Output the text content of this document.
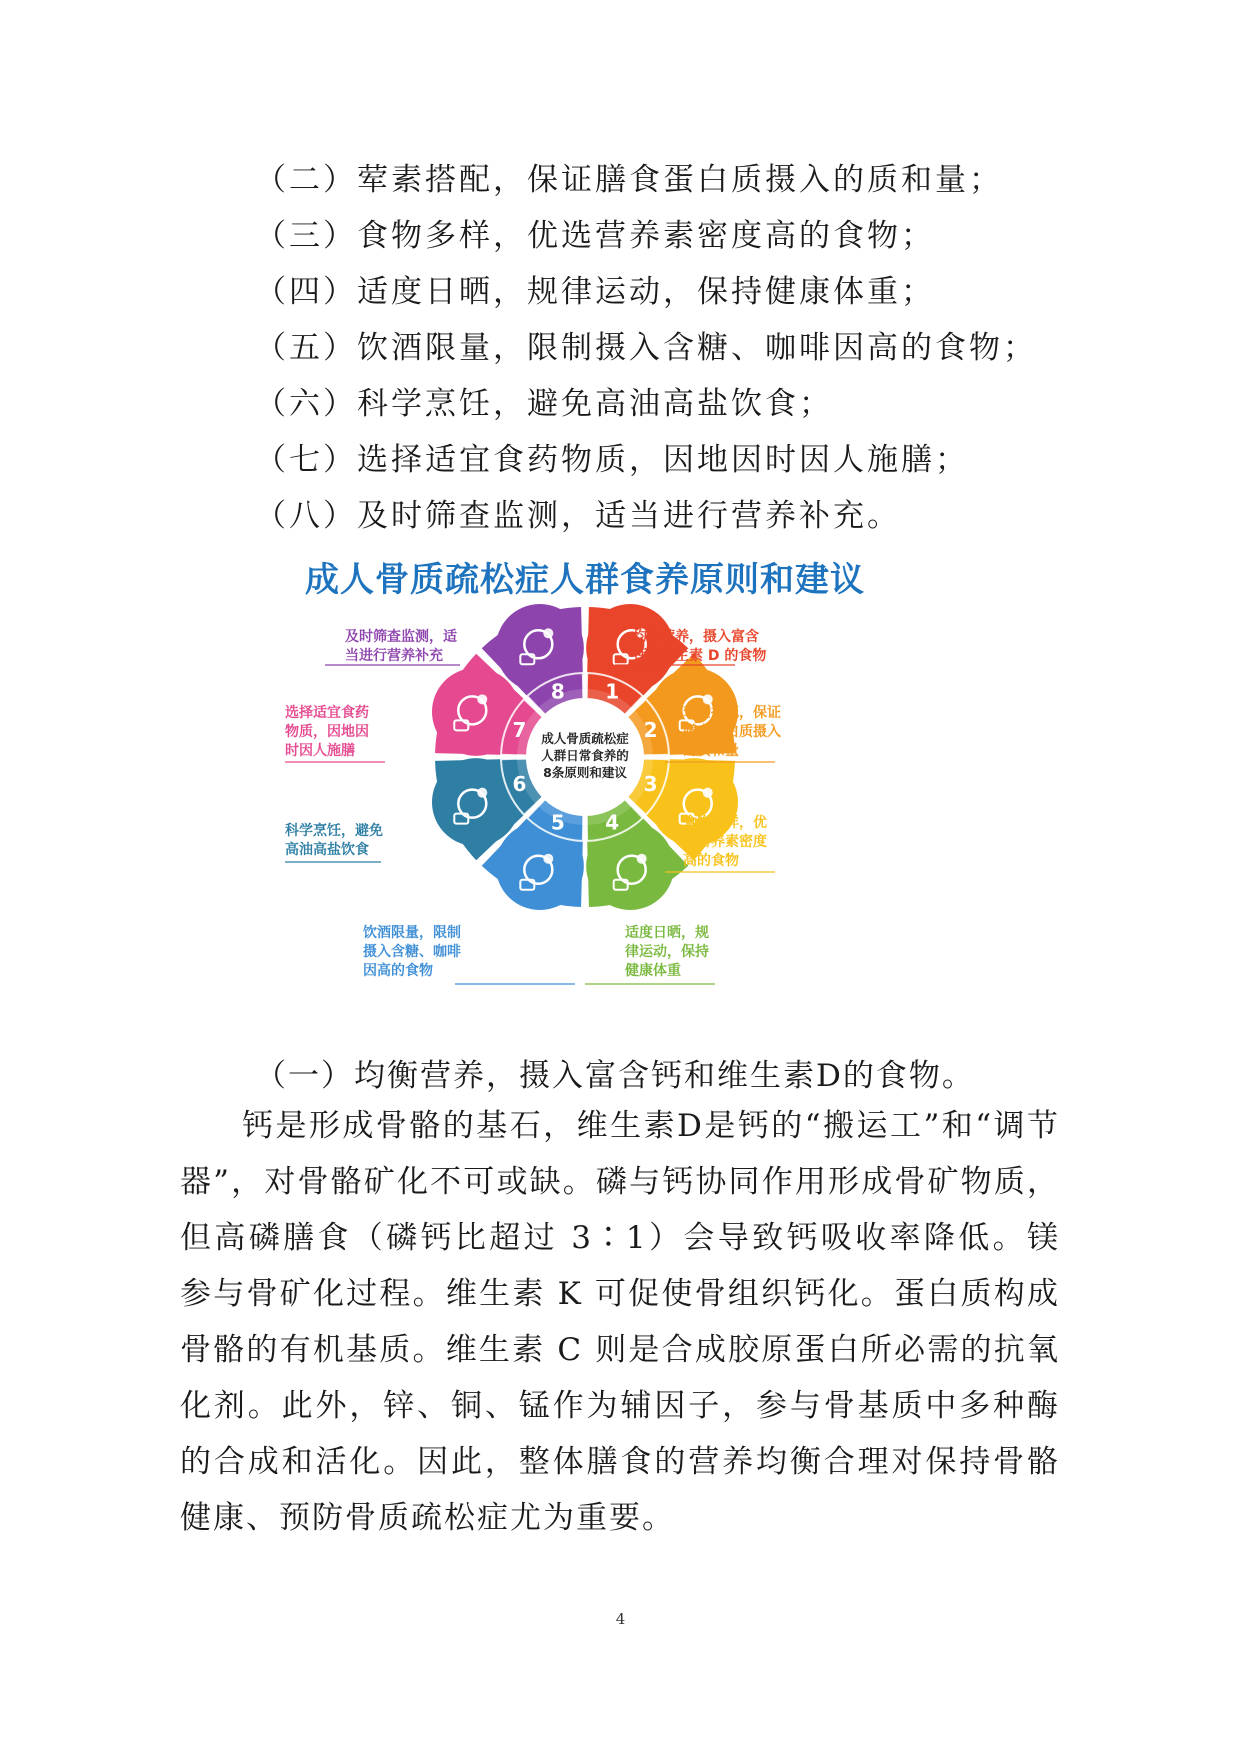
（二）荤素搭配，保证膳食蛋白质摄入的质和量；
（三）食物多样，优选营养素密度高的食物；
（四）适度日晒，规律运动，保持健康体重；
（五）饮酒限量，限制摄入含糖、咖啡因高的食物；
（六）科学烹饪，避免高油高盐饮食；
（七）选择适宜食药物质，因地因时因人施膳；
（八）及时筛查监测，适当进行营养补充。
成人骨质疏松症人群食养原则和建议
1
2
3
4
5
6
7
8
成人骨质疏松症
人群日常食养的
8条原则和建议
均衡营养，摄入富含
钙和维生素 D 的食物
荤素搭配，保证
膳食蛋白质摄入
的质和量
食物多样，优
选营养素密度
高的食物
适度日晒，规
律运动，保持
健康体重
饮酒限量，限制
摄入含糖、咖啡
因高的食物
科学烹饪，避免
高油高盐饮食
选择适宜食药
物质，因地因
时因人施膳
及时筛查监测，适
当进行营养补充
（一）均衡营养，摄入富含钙和维生素D的食物。
钙是形成骨骼的基石，维生素D是钙的“搬运工”和“调节器”，对骨骼矿化不可或缺。磷与钙协同作用形成骨矿物质，但高磷膳食（磷钙比超过 3∶1）会导致钙吸收率降低。镁参与骨矿化过程。维生素 K 可促使骨组织钙化。蛋白质构成骨骼的有机基质。维生素 C 则是合成胶原蛋白所必需的抗氧化剂。此外，锌、铜、锰作为辅因子，参与骨基质中多种酶的合成和活化。因此，整体膳食的营养均衡合理对保持骨骼健康、预防骨质疏松症尤为重要。
4
